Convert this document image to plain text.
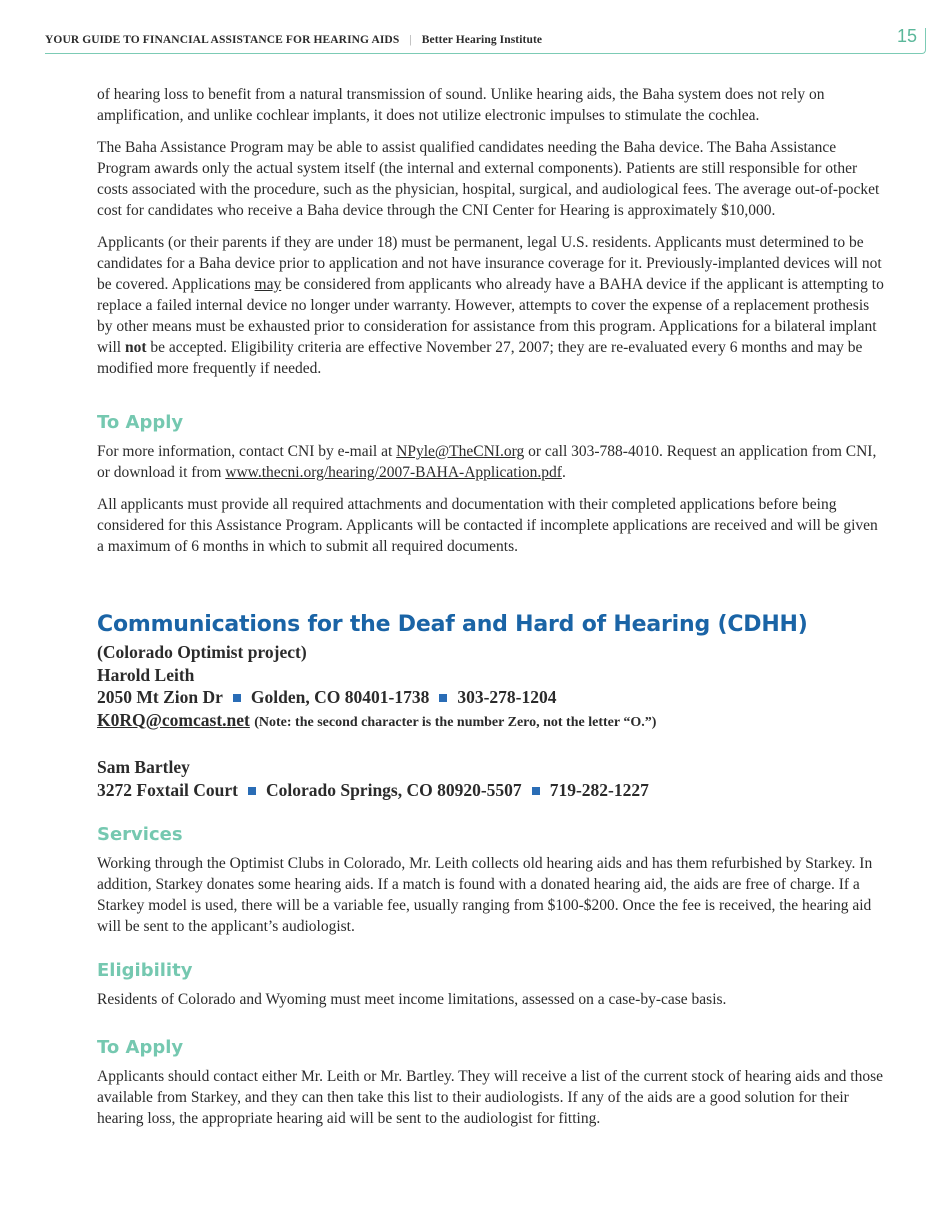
YOUR GUIDE TO FINANCIAL ASSISTANCE FOR HEARING AIDS | Better Hearing Institute	15

of hearing loss to benefit from a natural transmission of sound. Unlike hearing aids, the Baha system does not rely on amplification, and unlike cochlear implants, it does not utilize electronic impulses to stimulate the cochlea.

The Baha Assistance Program may be able to assist qualified candidates needing the Baha device. The Baha Assistance Program awards only the actual system itself (the internal and external components). Patients are still responsible for other costs associated with the procedure, such as the physician, hospital, surgical, and audiological fees. The average out-of-pocket cost for candidates who receive a Baha device through the CNI Center for Hearing is approximately $10,000.

Applicants (or their parents if they are under 18) must be permanent, legal U.S. residents. Applicants must determined to be candidates for a Baha device prior to application and not have insurance coverage for it. Previously-implanted devices will not be covered. Applications may be considered from applicants who already have a BAHA device if the applicant is attempting to replace a failed internal device no longer under warranty. However, attempts to cover the expense of a replacement prothesis by other means must be exhausted prior to consideration for assistance from this program. Applications for a bilateral implant will not be accepted. Eligibility criteria are effective November 27, 2007; they are re-evaluated every 6 months and may be modified more frequently if needed.

To Apply

For more information, contact CNI by e-mail at NPyle@TheCNI.org or call 303-788-4010. Request an application from CNI, or download it from www.thecni.org/hearing/2007-BAHA-Application.pdf.

All applicants must provide all required attachments and documentation with their completed applications before being considered for this Assistance Program. Applicants will be contacted if incomplete applications are received and will be given a maximum of 6 months in which to submit all required documents.

Communications for the Deaf and Hard of Hearing (CDHH)
(Colorado Optimist project)
Harold Leith
2050 Mt Zion Dr Golden, CO 80401-1738 303-278-1204
K0RQ@comcast.net (Note: the second character is the number Zero, not the letter “O.”)
Sam Bartley
3272 Foxtail Court Colorado Springs, CO 80920-5507 719-282-1227
Services

Working through the Optimist Clubs in Colorado, Mr. Leith collects old hearing aids and has them refurbished by Starkey. In addition, Starkey donates some hearing aids. If a match is found with a donated hearing aid, the aids are free of charge. If a Starkey model is used, there will be a variable fee, usually ranging from $100-$200. Once the fee is received, the hearing aid will be sent to the applicant’s audiologist.

Eligibility

Residents of Colorado and Wyoming must meet income limitations, assessed on a case-by-case basis.

To Apply

Applicants should contact either Mr. Leith or Mr. Bartley. They will receive a list of the current stock of hearing aids and those available from Starkey, and they can then take this list to their audiologists. If any of the aids are a good solution for their hearing loss, the appropriate hearing aid will be sent to the audiologist for fitting.
